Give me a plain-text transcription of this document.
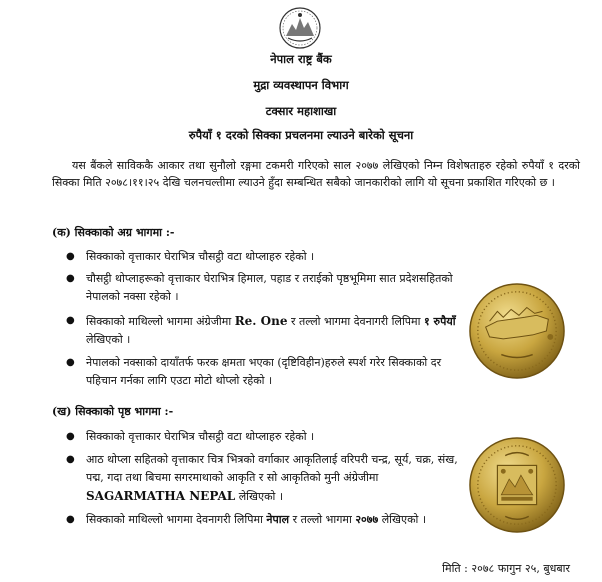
नेपाल राष्ट्र बैंक
मुद्रा व्यवस्थापन विभाग
टक्सार महाशाखा
रुपैयाँ १ दरको सिक्का प्रचलनमा ल्याउने बारेको सूचना
यस बैंकले साविककै आकार तथा सुनौलो रङ्गमा टकमरी गरिएको साल २०७७ लेखिएको निम्न विशेषताहरु रहेको रुपैयाँ १ दरको सिक्का मिति २०७८।११।२५ देखि चलनचल्तीमा ल्याउने हुँदा सम्बन्धित सबैको जानकारीको लागि यो सूचना प्रकाशित गरिएको छ ।
(क) सिक्काको अग्र भागमा :-
● सिक्काको वृत्ताकार घेराभित्र चौसट्ठी वटा थोप्लाहरु रहेको ।
● चौसट्ठी थोप्लाहरूको वृत्ताकार घेराभित्र हिमाल, पहाड र तराईको पृष्ठभूमिमा सात प्रदेशसहितको नेपालको नक्सा रहेको ।
● सिक्काको माथिल्लो भागमा अंग्रेजीमा Re. One र तल्लो भागमा देवनागरी लिपिमा १ रुपैयाँ लेखिएको ।
● नेपालको नक्साको दायाँतर्फ फरक क्षमता भएका (दृष्टिविहीन)हरुले स्पर्श गरेर सिक्काको दर पहिचान गर्नका लागि एउटा मोटो थोप्लो रहेको ।
(ख) सिक्काको पृष्ठ भागमा :-
● सिक्काको वृत्ताकार घेराभित्र चौसट्ठी वटा थोप्लाहरु रहेको ।
● आठ थोप्ला सहितको वृत्ताकार चित्र भित्रको वर्गाकार आकृतिलाई वरिपरी चन्द्र, सूर्य, चक्र, संख, पद्म, गदा तथा बिचमा सगरमाथाको आकृति र सो आकृतिको मुनी अंग्रेजीमा SAGARMATHA NEPAL लेखिएको ।
● सिक्काको माथिल्लो भागमा देवनागरी लिपिमा नेपाल र तल्लो भागमा २०७७ लेखिएको ।
मिति : २०७८ फागुन २५, बुधबार
